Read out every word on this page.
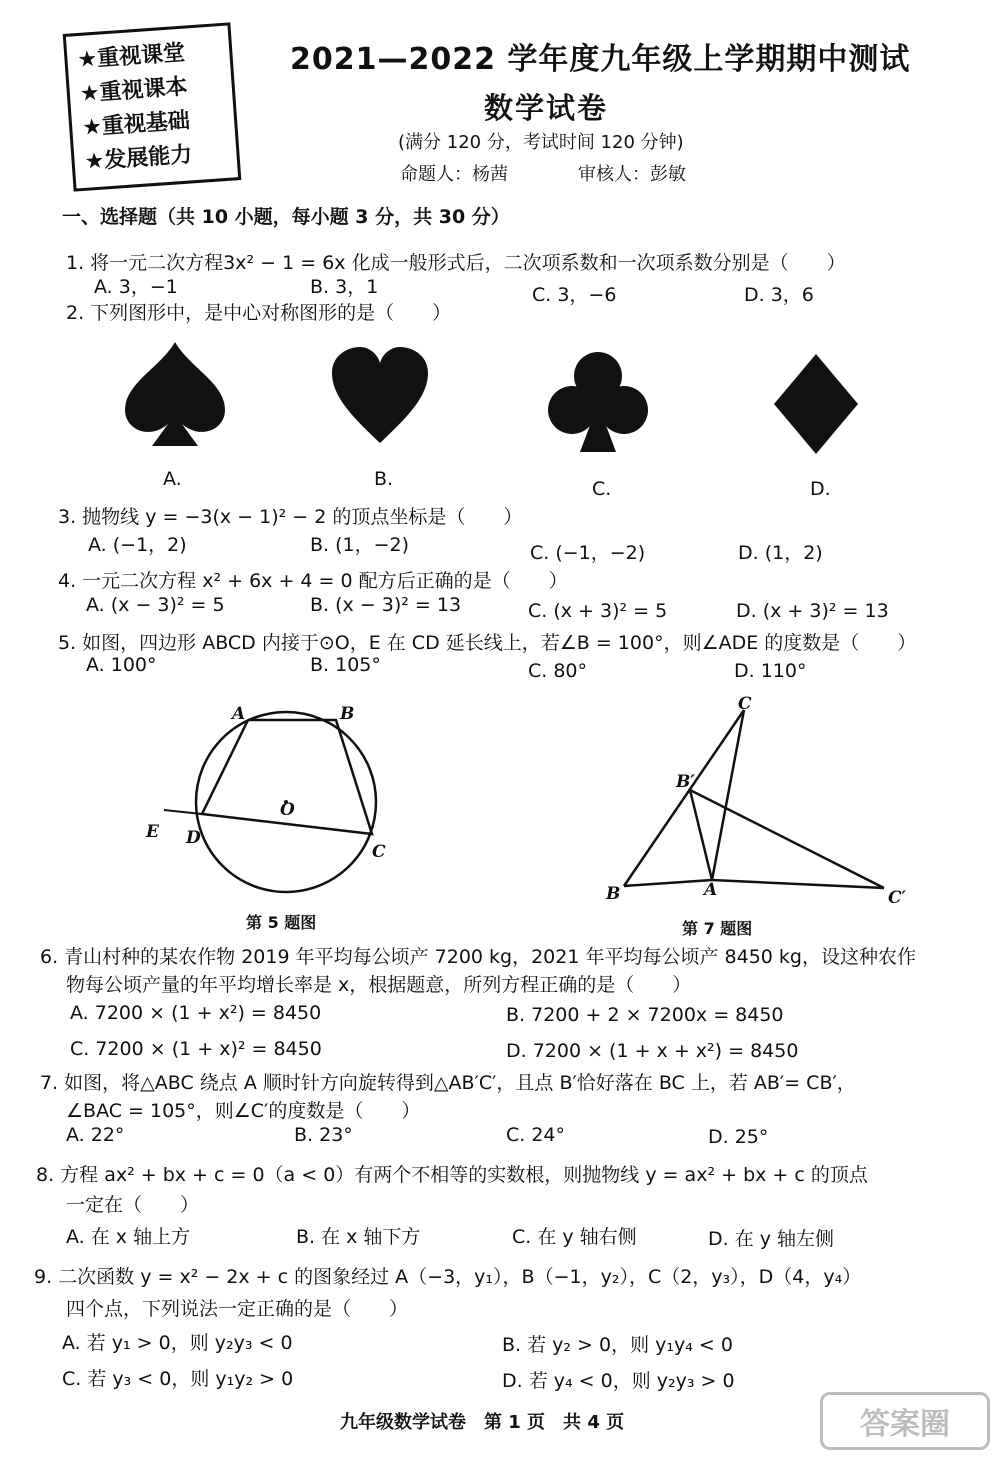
★重视课堂
★重视课本
★重视基础
★发展能力
2021—2022 学年度九年级上学期期中测试
数学试卷
(满分 120 分，考试时间 120 分钟)
命题人：杨茜	审核人：彭敏
一、选择题（共 10 小题，每小题 3 分，共 30 分）
1. 将一元二次方程3x² − 1 = 6x 化成一般形式后，二次项系数和一次项系数分别是（　　）
A. 3，−1	B. 3，1	C. 3，−6	D. 3，6
2. 下列图形中，是中心对称图形的是（　　）
A.	B.	C.	D.
3. 抛物线 y = −3(x − 1)² − 2 的顶点坐标是（　　）
A. (−1，2)	B. (1，−2)	C. (−1，−2)	D. (1，2)
4. 一元二次方程 x² + 6x + 4 = 0 配方后正确的是（　　）
A. (x − 3)² = 5	B. (x − 3)² = 13	C. (x + 3)² = 5	D. (x + 3)² = 13
5. 如图，四边形 ABCD 内接于⊙O，E 在 CD 延长线上，若∠B = 100°，则∠ADE 的度数是（　　）
A. 100°	B. 105°	C. 80°	D. 110°
A	B
C
D
E
O
第 5 题图
C
B′
B	A	C′
第 7 题图
6. 青山村种的某农作物 2019 年平均每公顷产 7200 kg，2021 年平均每公顷产 8450 kg，设这种农作
物每公顷产量的年平均增长率是 x，根据题意，所列方程正确的是（　　）
A. 7200 × (1 + x²) = 8450	B. 7200 + 2 × 7200x = 8450
C. 7200 × (1 + x)² = 8450	D. 7200 × (1 + x + x²) = 8450
7. 如图，将△ABC 绕点 A 顺时针方向旋转得到△AB′C′，且点 B′恰好落在 BC 上，若 AB′= CB′，
∠BAC = 105°，则∠C′的度数是（　　）
A. 22°	B. 23°	C. 24°	D. 25°
8. 方程 ax² + bx + c = 0（a < 0）有两个不相等的实数根，则抛物线 y = ax² + bx + c 的顶点
一定在（　　）
A. 在 x 轴上方	B. 在 x 轴下方	C. 在 y 轴右侧	D. 在 y 轴左侧
9. 二次函数 y = x² − 2x + c 的图象经过 A（−3，y₁），B（−1，y₂），C（2，y₃），D（4，y₄）
四个点，下列说法一定正确的是（　　）
A. 若 y₁ > 0，则 y₂y₃ < 0	B. 若 y₂ > 0，则 y₁y₄ < 0
C. 若 y₃ < 0，则 y₁y₂ > 0	D. 若 y₄ < 0，则 y₂y₃ > 0
九年级数学试卷　第 1 页　共 4 页	答案圈
